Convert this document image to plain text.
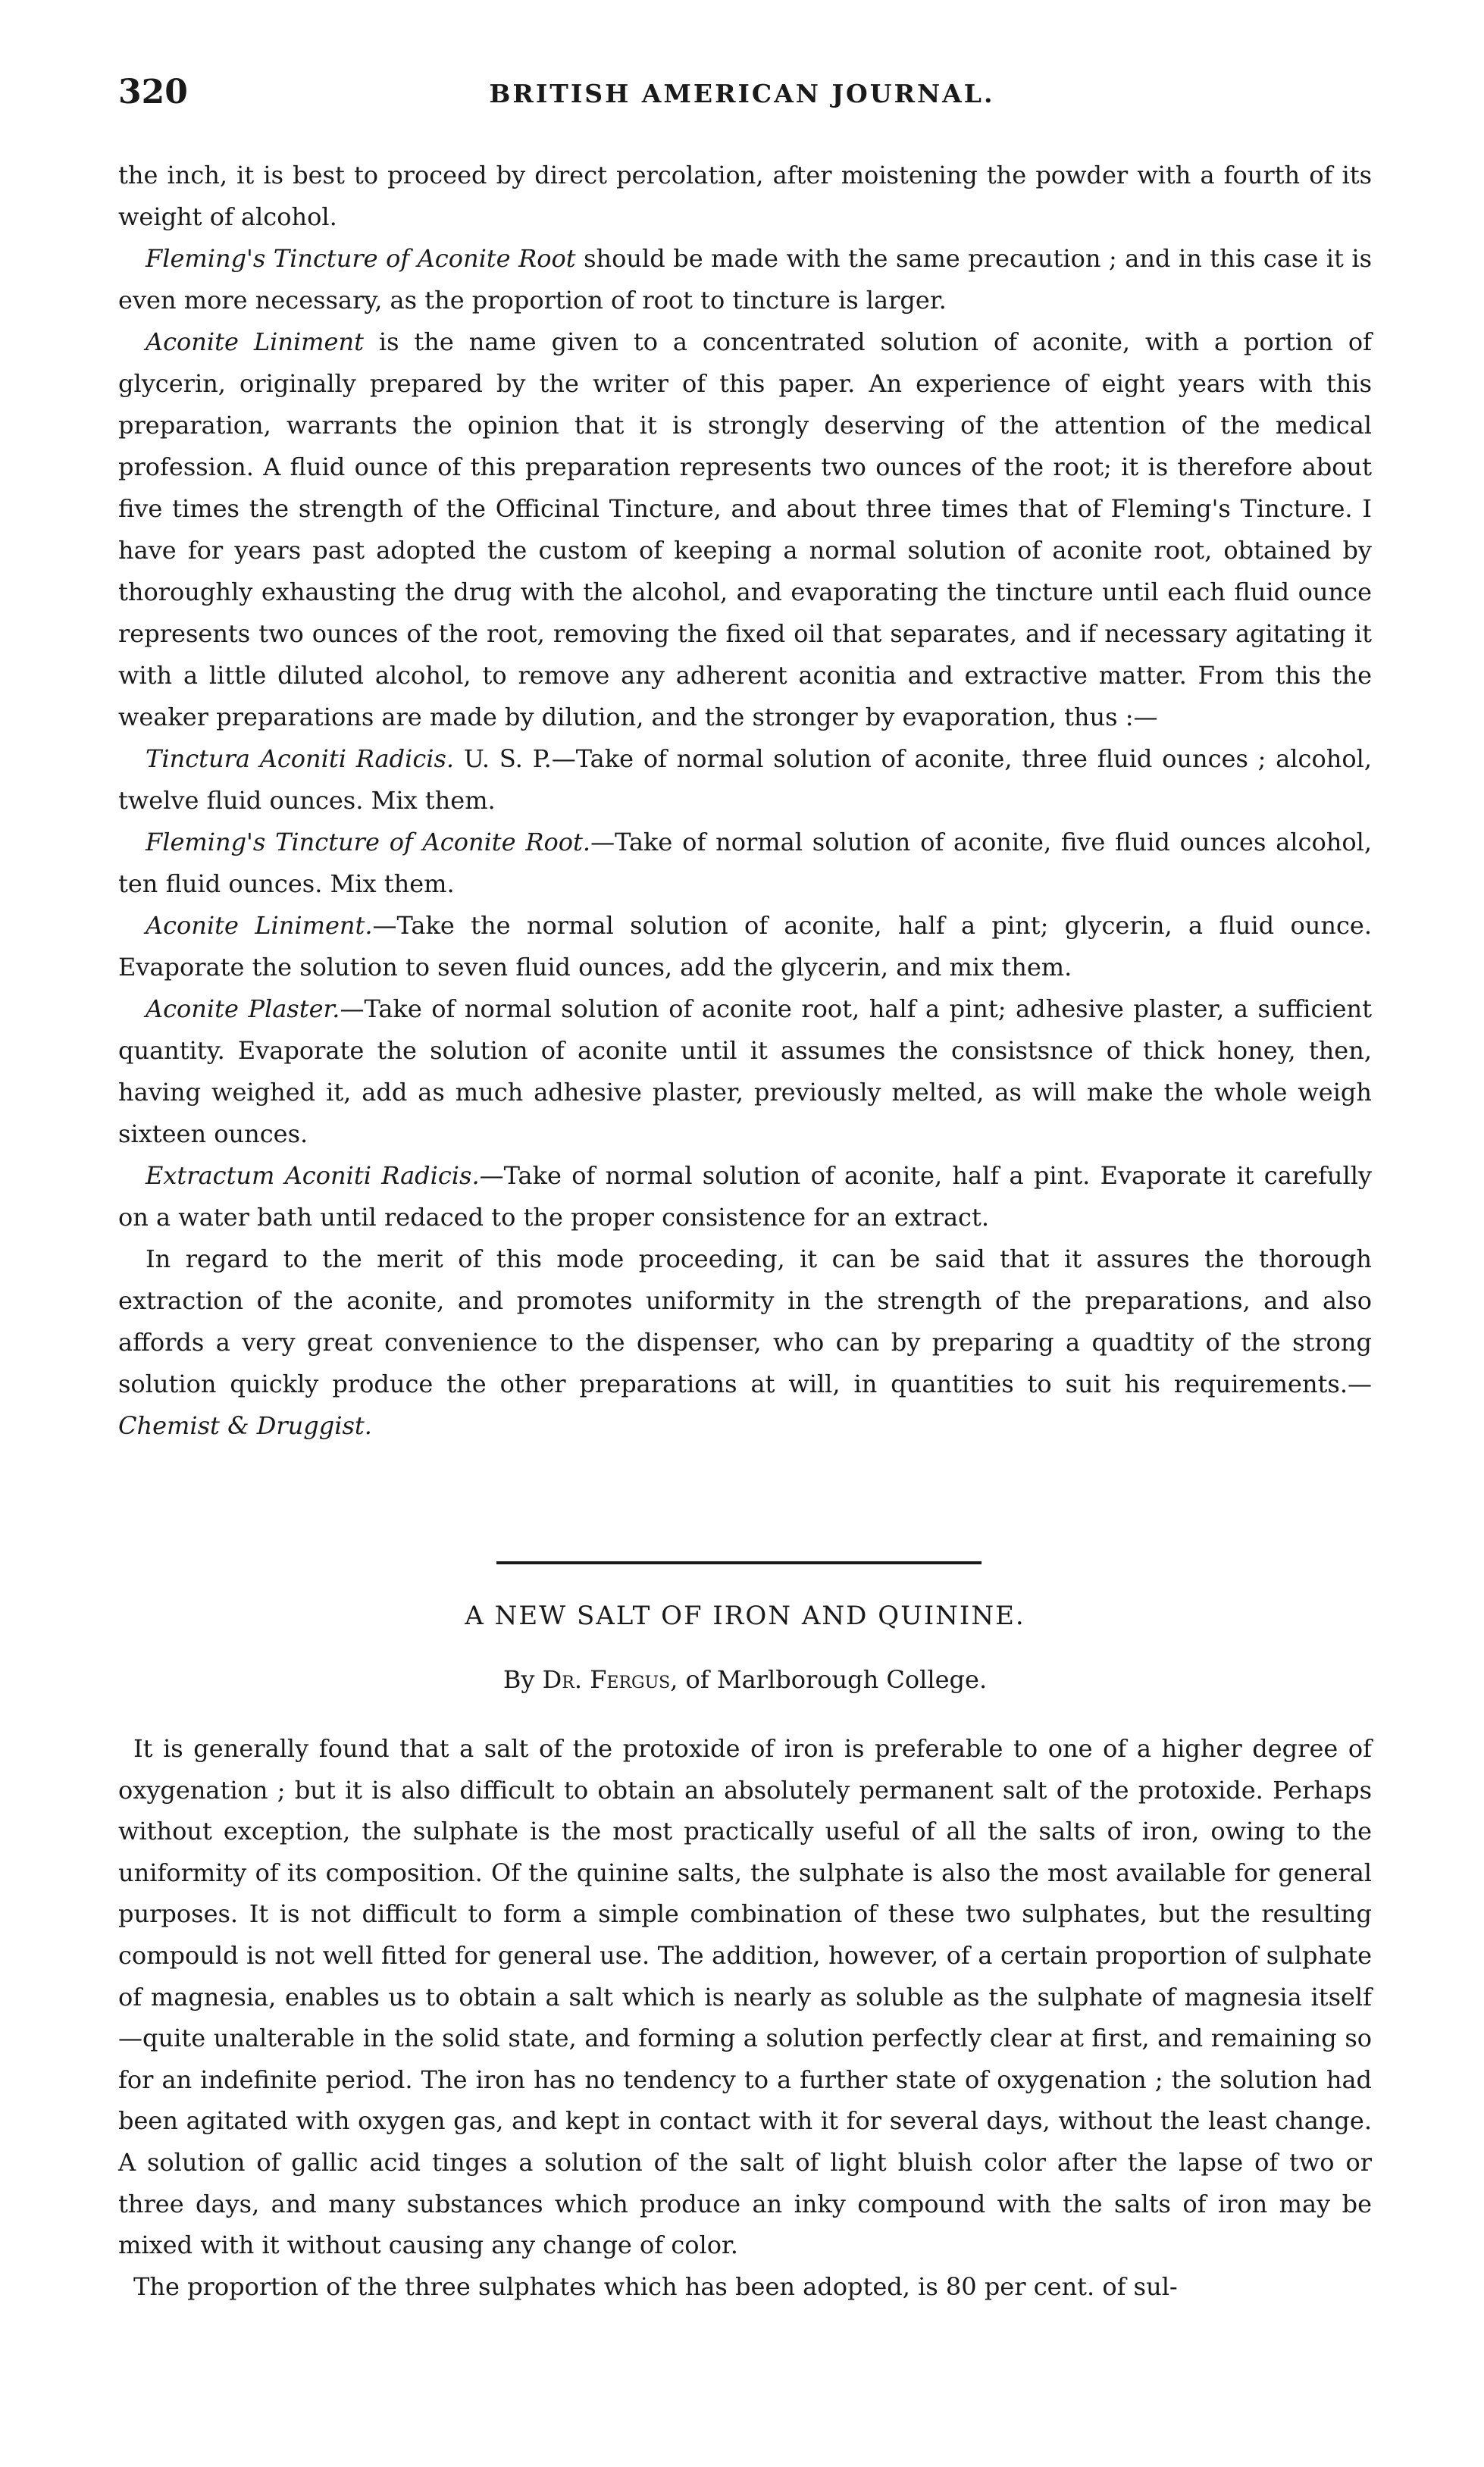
320	BRITISH AMERICAN JOURNAL.

the inch, it is best to proceed by direct percolation, after moistening the powder with a fourth of its weight of alcohol.

Fleming's Tincture of Aconite Root should be made with the same precaution ; and in this case it is even more necessary, as the proportion of root to tincture is larger.

Aconite Liniment is the name given to a concentrated solution of aconite, with a portion of glycerin, originally prepared by the writer of this paper. An experience of eight years with this preparation, warrants the opinion that it is strongly deserving of the attention of the medical profession. A fluid ounce of this preparation represents two ounces of the root; it is therefore about five times the strength of the Officinal Tincture, and about three times that of Fleming's Tincture. I have for years past adopted the custom of keeping a normal solution of aconite root, obtained by thoroughly exhausting the drug with the alcohol, and evaporating the tincture until each fluid ounce represents two ounces of the root, removing the fixed oil that separates, and if necessary agitating it with a little diluted alcohol, to remove any adherent aconitia and extractive matter. From this the weaker preparations are made by dilution, and the stronger by evaporation, thus :—

Tinctura Aconiti Radicis. U. S. P.—Take of normal solution of aconite, three fluid ounces ; alcohol, twelve fluid ounces. Mix them.

Fleming's Tincture of Aconite Root.—Take of normal solution of aconite, five fluid ounces alcohol, ten fluid ounces. Mix them.

Aconite Liniment.—Take the normal solution of aconite, half a pint; glycerin, a fluid ounce. Evaporate the solution to seven fluid ounces, add the glycerin, and mix them.

Aconite Plaster.—Take of normal solution of aconite root, half a pint; adhesive plaster, a sufficient quantity. Evaporate the solution of aconite until it assumes the consistsnce of thick honey, then, having weighed it, add as much adhesive plaster, previously melted, as will make the whole weigh sixteen ounces.

Extractum Aconiti Radicis.—Take of normal solution of aconite, half a pint. Evaporate it carefully on a water bath until redaced to the proper consistence for an extract.

In regard to the merit of this mode proceeding, it can be said that it assures the thorough extraction of the aconite, and promotes uniformity in the strength of the preparations, and also affords a very great convenience to the dispenser, who can by preparing a quadtity of the strong solution quickly produce the other preparations at will, in quantities to suit his requirements.—Chemist & Druggist.

A NEW SALT OF IRON AND QUININE.
By Dr. Fergus, of Marlborough College.

It is generally found that a salt of the protoxide of iron is preferable to one of a higher degree of oxygenation ; but it is also difficult to obtain an absolutely permanent salt of the protoxide. Perhaps without exception, the sulphate is the most practically useful of all the salts of iron, owing to the uniformity of its composition. Of the quinine salts, the sulphate is also the most available for general purposes. It is not difficult to form a simple combination of these two sulphates, but the resulting compould is not well fitted for general use. The addition, however, of a certain proportion of sulphate of magnesia, enables us to obtain a salt which is nearly as soluble as the sulphate of magnesia itself—quite unalterable in the solid state, and forming a solution perfectly clear at first, and remaining so for an indefinite period. The iron has no tendency to a further state of oxygenation ; the solution had been agitated with oxygen gas, and kept in contact with it for several days, without the least change. A solution of gallic acid tinges a solution of the salt of light bluish color after the lapse of two or three days, and many substances which produce an inky compound with the salts of iron may be mixed with it without causing any change of color.

The proportion of the three sulphates which has been adopted, is 80 per cent. of sul-
